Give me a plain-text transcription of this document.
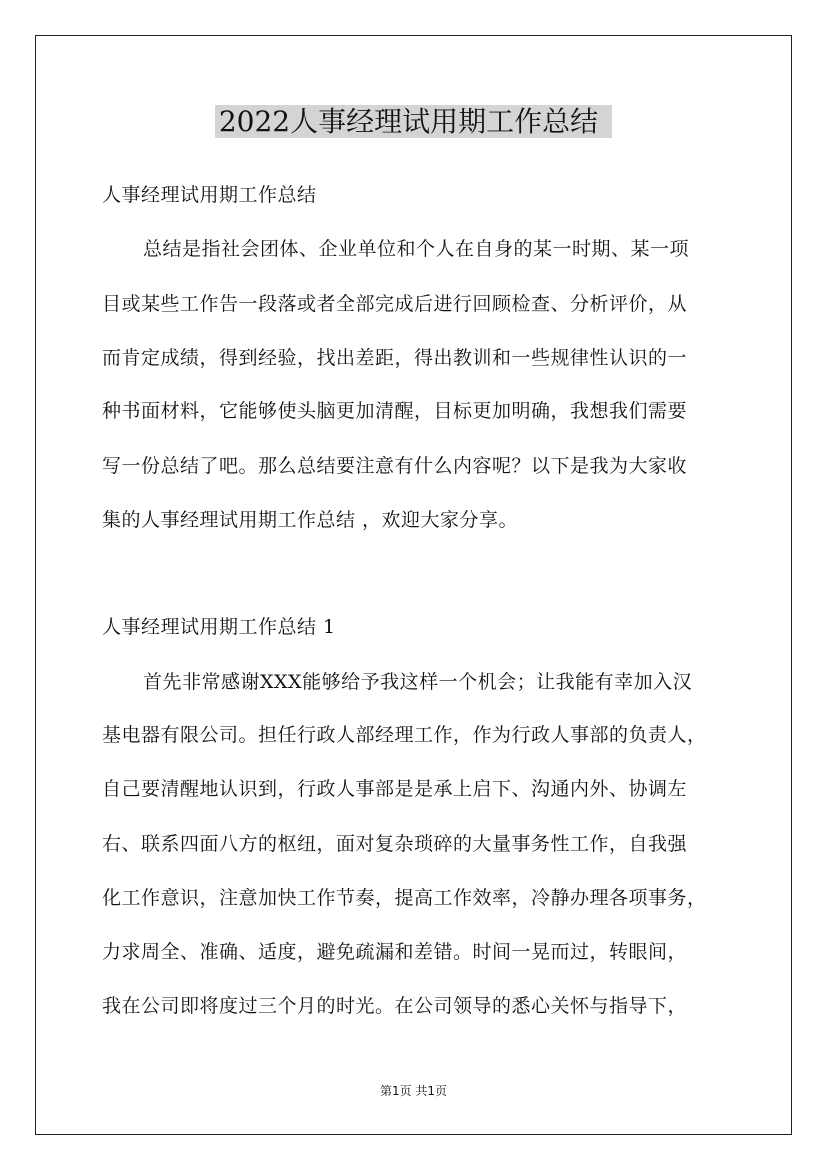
2022人事经理试用期工作总结
人事经理试用期工作总结
总结是指社会团体、企业单位和个人在自身的某一时期、某一项
目或某些工作告一段落或者全部完成后进行回顾检查、分析评价，从
而肯定成绩，得到经验，找出差距，得出教训和一些规律性认识的一
种书面材料，它能够使头脑更加清醒，目标更加明确，我想我们需要
写一份总结了吧。那么总结要注意有什么内容呢？以下是我为大家收
集的人事经理试用期工作总结 ，欢迎大家分享。
人事经理试用期工作总结 1
首先非常感谢XXX能够给予我这样一个机会；让我能有幸加入汉
基电器有限公司。担任行政人部经理工作，作为行政人事部的负责人，
自己要清醒地认识到，行政人事部是是承上启下、沟通内外、协调左
右、联系四面八方的枢纽，面对复杂琐碎的大量事务性工作，自我强
化工作意识，注意加快工作节奏，提高工作效率，冷静办理各项事务，
力求周全、准确、适度，避免疏漏和差错。时间一晃而过，转眼间，
我在公司即将度过三个月的时光。在公司领导的悉心关怀与指导下，
第1页 共1页
